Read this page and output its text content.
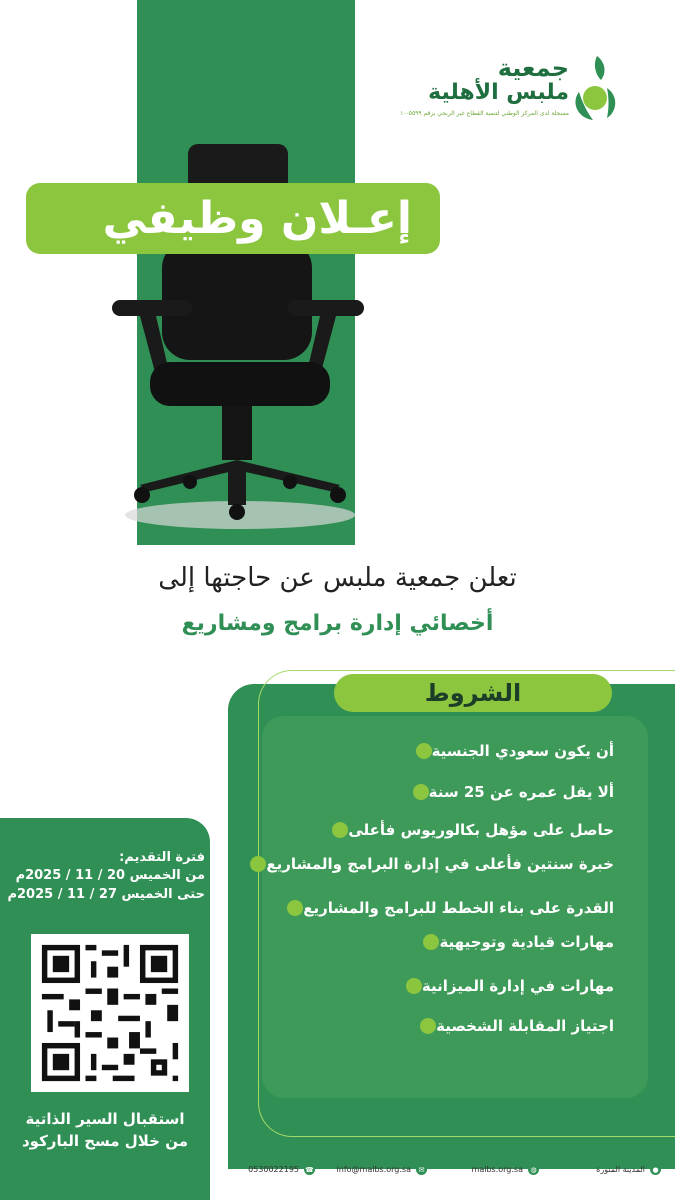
جمعية
ملبس الأهلية
مسجلة لدى المركز الوطني لتنمية القطاع غير الربحي برقم ٥٥٩٩-١٠
إعـلان وظيفي
تعلن جمعية ملبس عن حاجتها إلى
أخصائي إدارة برامج ومشاريع
أن يكون سعودي الجنسية
ألا يقل عمره عن 25 سنة
حاصل على مؤهل بكالوريوس فأعلى
خبرة سنتين فأعلى في إدارة البرامج والمشاريع
القدرة على بناء الخطط للبرامج والمشاريع
مهارات قيادية وتوجيهية
مهارات في إدارة الميزانية
اجتياز المقابلة الشخصية
الشروط
فترة التقديم:
من الخميس 20 / 11 / 2025م
حتى الخميس 27 / 11 / 2025م
استقبال السير الذاتية
من خلال مسح الباركود
المدينة المنورة	●
malbs.org.sa	◍
info@malbs.org.sa	✉
0530022195 ☎
